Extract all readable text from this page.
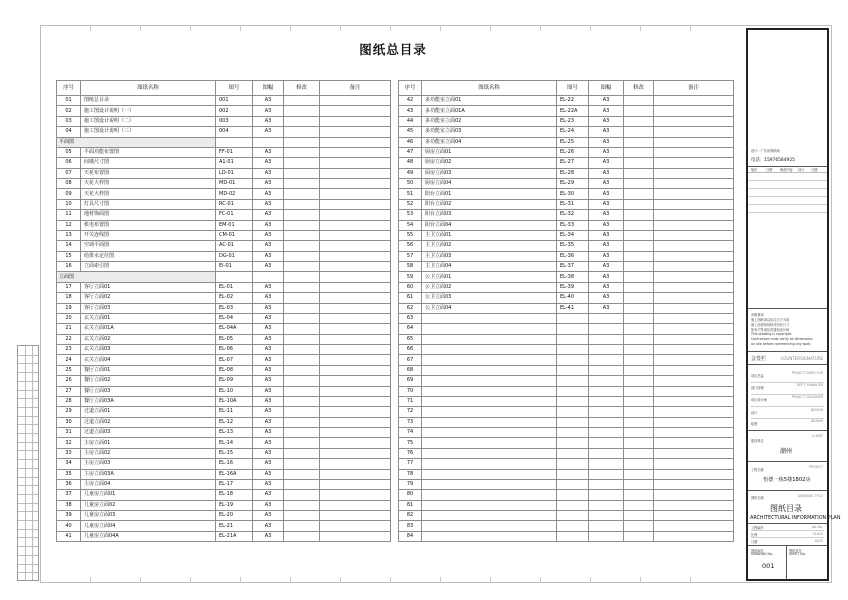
图纸总目录
序号	图纸名称	图号	图幅	修改	备注
01	图纸总目录	001	A3		
02	施工图设计说明（一）	002	A3		
03	施工图设计说明（二）	003	A3		
04	施工图设计说明（三）	004	A3		
平面图					
05	平面功能布置图	FF-01	A3		
06	间墙尺寸图	A1-01	A3		
07	天花布置图	LD-01	A3		
08	天花大样图	MD-01	A3		
09	天花大样图	MD-02	A3		
10	灯具尺寸图	RC-01	A3		
11	地材饰面图	FC-01	A3		
12	机电布置图	EM-01	A3		
13	开关连线图	CM-01	A3		
14	空调平面图	AC-01	A3		
15	给排水定位图	DG-01	A3		
16	立面索引图	EI-01	A3		
立面图					
17	客厅立面01	EL-01	A3		
18	客厅立面02	EL-02	A3		
19	客厅立面03	EL-03	A3		
20	玄关立面01	EL-04	A3		
21	玄关立面01A	EL-04A	A3		
22	玄关立面02	EL-05	A3		
23	玄关立面03	EL-06	A3		
24	玄关立面04	EL-07	A3		
25	餐厅立面01	EL-08	A3		
26	餐厅立面02	EL-09	A3		
27	餐厅立面03	EL-10	A3		
28	餐厅立面03A	EL-10A	A3		
29	过道立面01	EL-11	A3		
30	过道立面02	EL-12	A3		
31	过道立面03	EL-13	A3		
32	主房立面01	EL-14	A3		
33	主房立面02	EL-15	A3		
34	主房立面03	EL-16	A3		
35	主房立面03A	EL-16A	A3		
36	主房立面04	EL-17	A3		
37	儿童房立面01	EL-18	A3		
38	儿童房立面02	EL-19	A3		
39	儿童房立面03	EL-20	A3		
40	儿童房立面04	EL-21	A3		
41	儿童房立面04A	EL-21A	A3		
序号	图纸名称	图号	图幅	修改	备注
42	多功能室立面01	EL-22	A3		
43	多功能室立面01A	EL-22A	A3		
44	多功能室立面02	EL-23	A3		
45	多功能室立面03	EL-24	A3		
46	多功能室立面04	EL-25	A3		
47	厨房立面01	EL-26	A3		
48	厨房立面02	EL-27	A3		
49	厨房立面03	EL-28	A3		
50	厨房立面04	EL-29	A3		
51	阳台立面01	EL-30	A3		
52	阳台立面02	EL-31	A3		
53	阳台立面03	EL-32	A3		
54	阳台立面04	EL-33	A3		
55	主卫立面01	EL-34	A3		
56	主卫立面02	EL-35	A3		
57	主卫立面03	EL-36	A3		
58	主卫立面04	EL-37	A3		
59	公卫立面01	EL-38	A3		
60	公卫立面02	EL-39	A3		
61	公卫立面03	EL-40	A3		
62	公卫立面04	EL-41	A3		
63					
64					
65					
66					
67					
68					
69					
70					
71					
72					
73					
74					
75					
76					
77					
78					
79					
80					
81					
82					
83					
84					
设计：广东省图纸师
电话：15976584925
版次	日期 修改内容 设计 日期
说明事项
施工图纸请以标注尺寸为准
施工前需现场核对所有尺寸
如有不符请及时通知设计师
This drawing is copyright.
Contractors must verify all dimensions
on site before commencing any work.
会签栏	COUNTERSIGNATURE
项目总监
PROJECT DIRECTOR
部门经理
DEPT. MANAGER
项目设计师
PROJECT DESIGNER
设计
DESIGN
绘图
DRAWN
建设单位
CLIENT
潮州
工程名称
PROJECT
怡德一栋5楼1802房
图纸名称	DRAWING TITLE
图纸目录
ARCHITECTURAL INFORMATION PLAN
工程编号	Job No.
比例	SCALE
日期	DATE
图纸编号
DRAWING No.
001
图纸页号
SHEET No.
